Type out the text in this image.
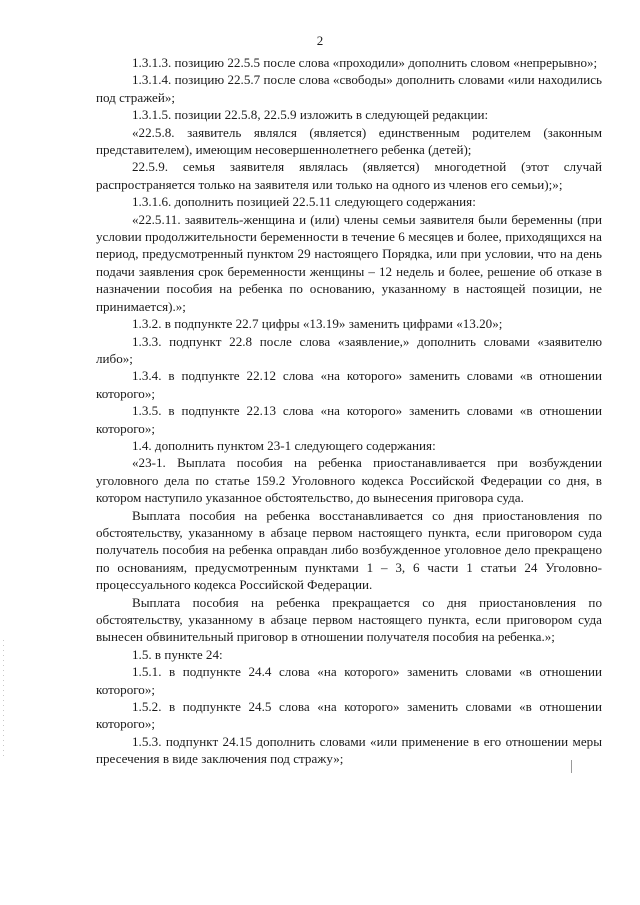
2

1.3.1.3. позицию 22.5.5 после слова «проходили» дополнить словом «непрерывно»;

1.3.1.4. позицию 22.5.7 после слова «свободы» дополнить словами «или находились под стражей»;

1.3.1.5. позиции 22.5.8, 22.5.9 изложить в следующей редакции:

«22.5.8. заявитель являлся (является) единственным родителем (законным представителем), имеющим несовершеннолетнего ребенка (детей);

22.5.9. семья заявителя являлась (является) многодетной (этот случай распространяется только на заявителя или только на одного из членов его семьи);»;

1.3.1.6. дополнить позицией 22.5.11 следующего содержания:

«22.5.11. заявитель-женщина и (или) члены семьи заявителя были беременны (при условии продолжительности беременности в течение 6 месяцев и более, приходящихся на период, предусмотренный пунктом 29 настоящего Порядка, или при условии, что на день подачи заявления срок беременности женщины – 12 недель и более, решение об отказе в назначении пособия на ребенка по основанию, указанному в настоящей позиции, не принимается).»;

1.3.2. в подпункте 22.7 цифры «13.19» заменить цифрами «13.20»;

1.3.3. подпункт 22.8 после слова «заявление,» дополнить словами «заявителю либо»;

1.3.4. в подпункте 22.12 слова «на которого» заменить словами «в отношении которого»;

1.3.5. в подпункте 22.13 слова «на которого» заменить словами «в отношении которого»;

1.4. дополнить пунктом 23-1 следующего содержания:

«23-1. Выплата пособия на ребенка приостанавливается при возбуждении уголовного дела по статье 159.2 Уголовного кодекса Российской Федерации со дня, в котором наступило указанное обстоятельство, до вынесения приговора суда.

Выплата пособия на ребенка восстанавливается со дня приостановления по обстоятельству, указанному в абзаце первом настоящего пункта, если приговором суда получатель пособия на ребенка оправдан либо возбужденное уголовное дело прекращено по основаниям, предусмотренным пунктами 1 – 3, 6 части 1 статьи 24 Уголовно-процессуального кодекса Российской Федерации.

Выплата пособия на ребенка прекращается со дня приостановления по обстоятельству, указанному в абзаце первом настоящего пункта, если приговором суда вынесен обвинительный приговор в отношении получателя пособия на ребенка.»;

1.5. в пункте 24:

1.5.1. в подпункте 24.4 слова «на которого» заменить словами «в отношении которого»;

1.5.2. в подпункте 24.5 слова «на которого» заменить словами «в отношении которого»;

1.5.3. подпункт 24.15 дополнить словами «или применение в его отношении меры пресечения в виде заключения под стражу»;
